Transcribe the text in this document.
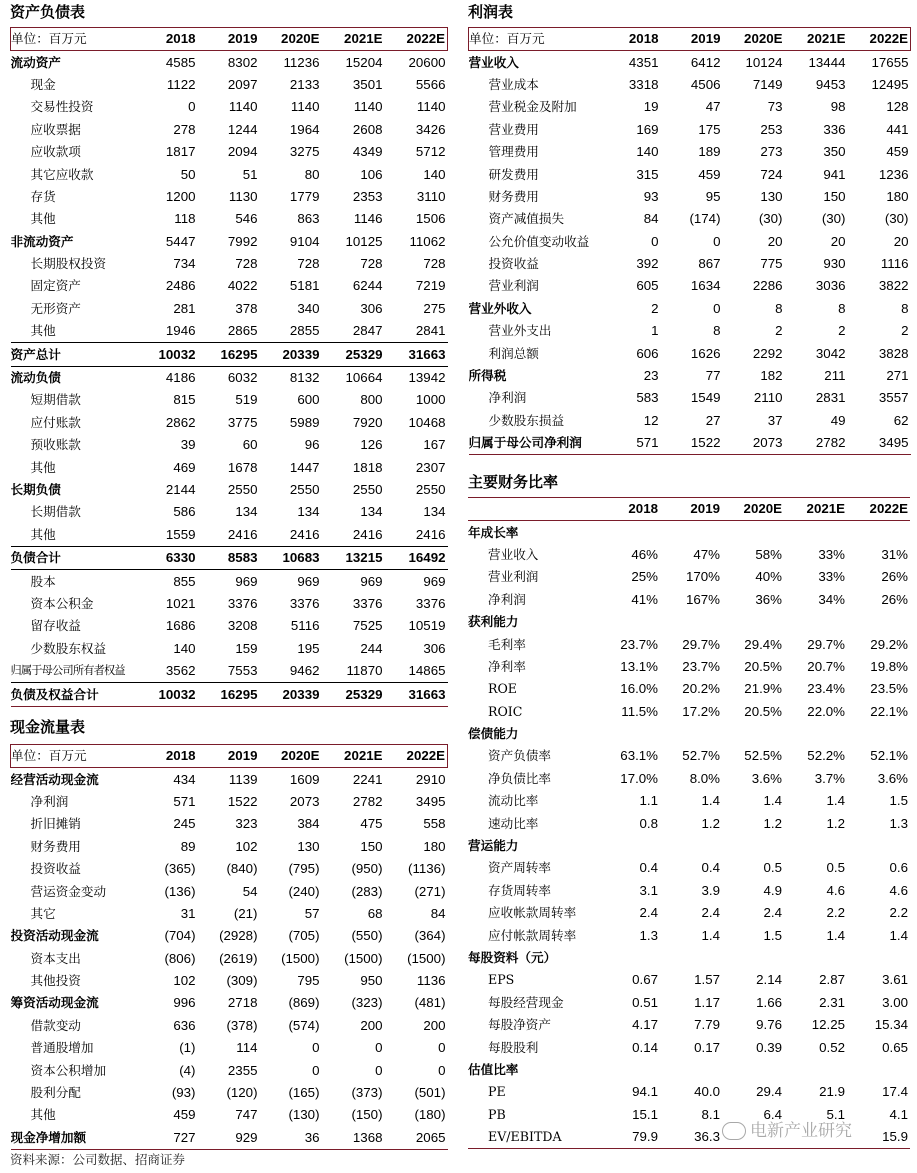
资产负债表
单位：百万元	2018	2019	2020E	2021E	2022E
流动资产	4585	8302	11236	15204	20600
现金	1122	2097	2133	3501	5566
交易性投资	0	1140	1140	1140	1140
应收票据	278	1244	1964	2608	3426
应收款项	1817	2094	3275	4349	5712
其它应收款	50	51	80	106	140
存货	1200	1130	1779	2353	3110
其他	118	546	863	1146	1506
非流动资产	5447	7992	9104	10125	11062
长期股权投资	734	728	728	728	728
固定资产	2486	4022	5181	6244	7219
无形资产	281	378	340	306	275
其他	1946	2865	2855	2847	2841
资产总计	10032	16295	20339	25329	31663
流动负债	4186	6032	8132	10664	13942
短期借款	815	519	600	800	1000
应付账款	2862	3775	5989	7920	10468
预收账款	39	60	96	126	167
其他	469	1678	1447	1818	2307
长期负债	2144	2550	2550	2550	2550
长期借款	586	134	134	134	134
其他	1559	2416	2416	2416	2416
负债合计	6330	8583	10683	13215	16492
股本	855	969	969	969	969
资本公积金	1021	3376	3376	3376	3376
留存收益	1686	3208	5116	7525	10519
少数股东权益	140	159	195	244	306
归属于母公司所有者权益	3562	7553	9462	11870	14865
负债及权益合计	10032	16295	20339	25329	31663
利润表
单位：百万元	2018	2019	2020E	2021E	2022E
营业收入	4351	6412	10124	13444	17655
营业成本	3318	4506	7149	9453	12495
营业税金及附加	19	47	73	98	128
营业费用	169	175	253	336	441
管理费用	140	189	273	350	459
研发费用	315	459	724	941	1236
财务费用	93	95	130	150	180
资产减值损失	84	(174)	(30)	(30)	(30)
公允价值变动收益	0	0	20	20	20
投资收益	392	867	775	930	1116
营业利润	605	1634	2286	3036	3822
营业外收入	2	0	8	8	8
营业外支出	1	8	2	2	2
利润总额	606	1626	2292	3042	3828
所得税	23	77	182	211	271
净利润	583	1549	2110	2831	3557
少数股东损益	12	27	37	49	62
归属于母公司净利润	571	1522	2073	2782	3495
主要财务比率
	2018	2019	2020E	2021E	2022E
年成长率					
营业收入	46%	47%	58%	33%	31%
营业利润	25%	170%	40%	33%	26%
净利润	41%	167%	36%	34%	26%
获利能力					
毛利率	23.7%	29.7%	29.4%	29.7%	29.2%
净利率	13.1%	23.7%	20.5%	20.7%	19.8%
ROE	16.0%	20.2%	21.9%	23.4%	23.5%
ROIC	11.5%	17.2%	20.5%	22.0%	22.1%
偿债能力					
资产负债率	63.1%	52.7%	52.5%	52.2%	52.1%
净负债比率	17.0%	8.0%	3.6%	3.7%	3.6%
流动比率	1.1	1.4	1.4	1.4	1.5
速动比率	0.8	1.2	1.2	1.2	1.3
营运能力					
资产周转率	0.4	0.4	0.5	0.5	0.6
存货周转率	3.1	3.9	4.9	4.6	4.6
应收帐款周转率	2.4	2.4	2.4	2.2	2.2
应付帐款周转率	1.3	1.4	1.5	1.4	1.4
每股资料（元）					
EPS	0.67	1.57	2.14	2.87	3.61
每股经营现金	0.51	1.17	1.66	2.31	3.00
每股净资产	4.17	7.79	9.76	12.25	15.34
每股股利	0.14	0.17	0.39	0.52	0.65
估值比率					
PE	94.1	40.0	29.4	21.9	17.4
PB	15.1	8.1	6.4	5.1	4.1
EV/EBITDA	79.9	36.3			15.9
现金流量表
单位：百万元	2018	2019	2020E	2021E	2022E
经营活动现金流	434	1139	1609	2241	2910
净利润	571	1522	2073	2782	3495
折旧摊销	245	323	384	475	558
财务费用	89	102	130	150	180
投资收益	(365)	(840)	(795)	(950)	(1136)
营运资金变动	(136)	54	(240)	(283)	(271)
其它	31	(21)	57	68	84
投资活动现金流	(704)	(2928)	(705)	(550)	(364)
资本支出	(806)	(2619)	(1500)	(1500)	(1500)
其他投资	102	(309)	795	950	1136
筹资活动现金流	996	2718	(869)	(323)	(481)
借款变动	636	(378)	(574)	200	200
普通股增加	(1)	114	0	0	0
资本公积增加	(4)	2355	0	0	0
股利分配	(93)	(120)	(165)	(373)	(501)
其他	459	747	(130)	(150)	(180)
现金净增加额	727	929	36	1368	2065
资料来源：公司数据、招商证券
电新产业研究
